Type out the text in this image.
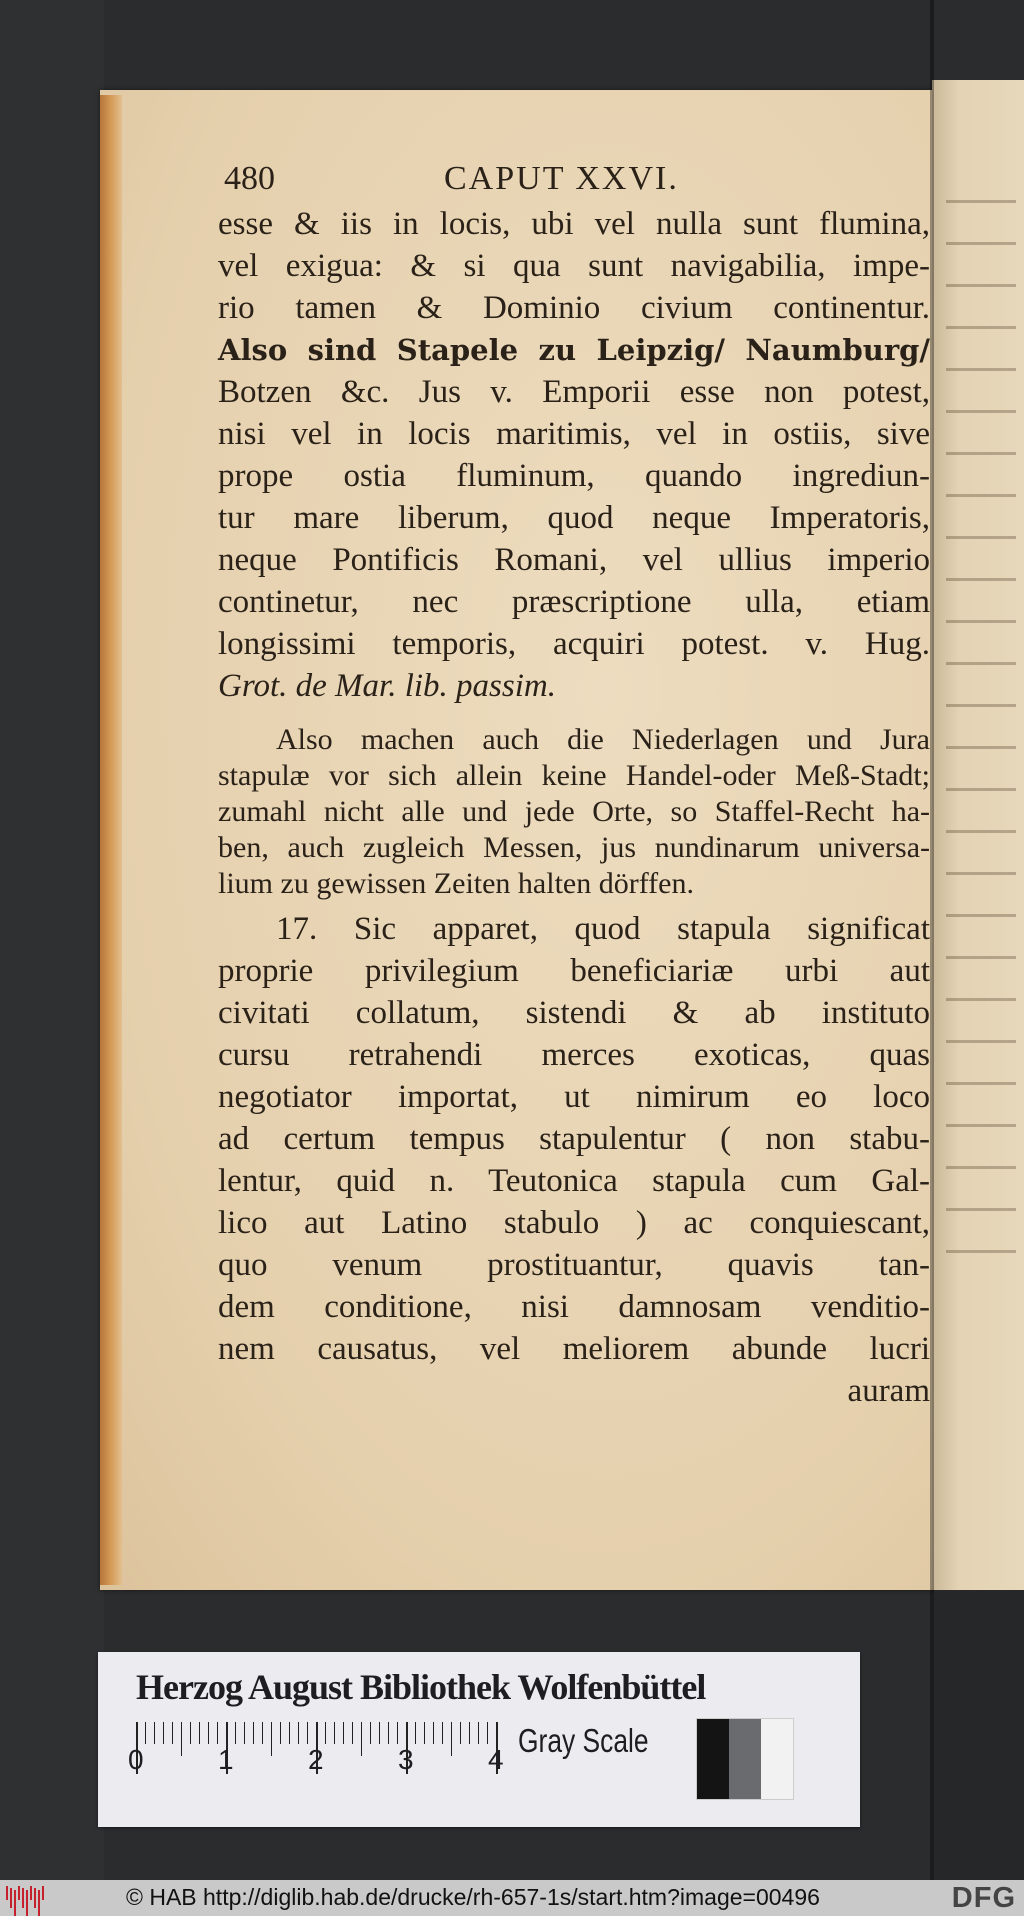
480	CAPUT XXVI.
esse & iis in locis, ubi vel nulla sunt flumina,
vel exigua: & si qua sunt navigabilia, impe-
rio tamen & Dominio civium continentur.
Also sind Stapele zu Leipzig/ Naumburg/
Botzen &c. Jus v. Emporii esse non potest,
nisi vel in locis maritimis, vel in ostiis, sive
prope ostia fluminum, quando ingrediun-
tur mare liberum, quod neque Imperatoris,
neque Pontificis Romani, vel ullius imperio
continetur, nec præscriptione ulla, etiam
longissimi temporis, acquiri potest. v. Hug.
Grot. de Mar. lib. passim.
Also machen auch die Niederlagen und Jura
stapulæ vor sich allein keine Handel-oder Meß-Stadt;
zumahl nicht alle und jede Orte, so Staffel-Recht ha-
ben, auch zugleich Messen, jus nundinarum universa-
lium zu gewissen Zeiten halten dörffen.
17. Sic apparet, quod stapula significat
proprie privilegium beneficiariæ urbi aut
civitati collatum, sistendi & ab instituto
cursu retrahendi merces exoticas, quas
negotiator importat, ut nimirum eo loco
ad certum tempus stapulentur ( non stabu-
lentur, quid n. Teutonica stapula cum Gal-
lico aut Latino stabulo ) ac conquiescant,
quo venum prostituantur, quavis tan-
dem conditione, nisi damnosam venditio-
nem causatus, vel meliorem abunde lucri
auram
Herzog August Bibliothek Wolfenbüttel
Gray Scale
0	1	2	3	4
© HAB http://diglib.hab.de/drucke/rh-657-1s/start.htm?image=00496	DFG
